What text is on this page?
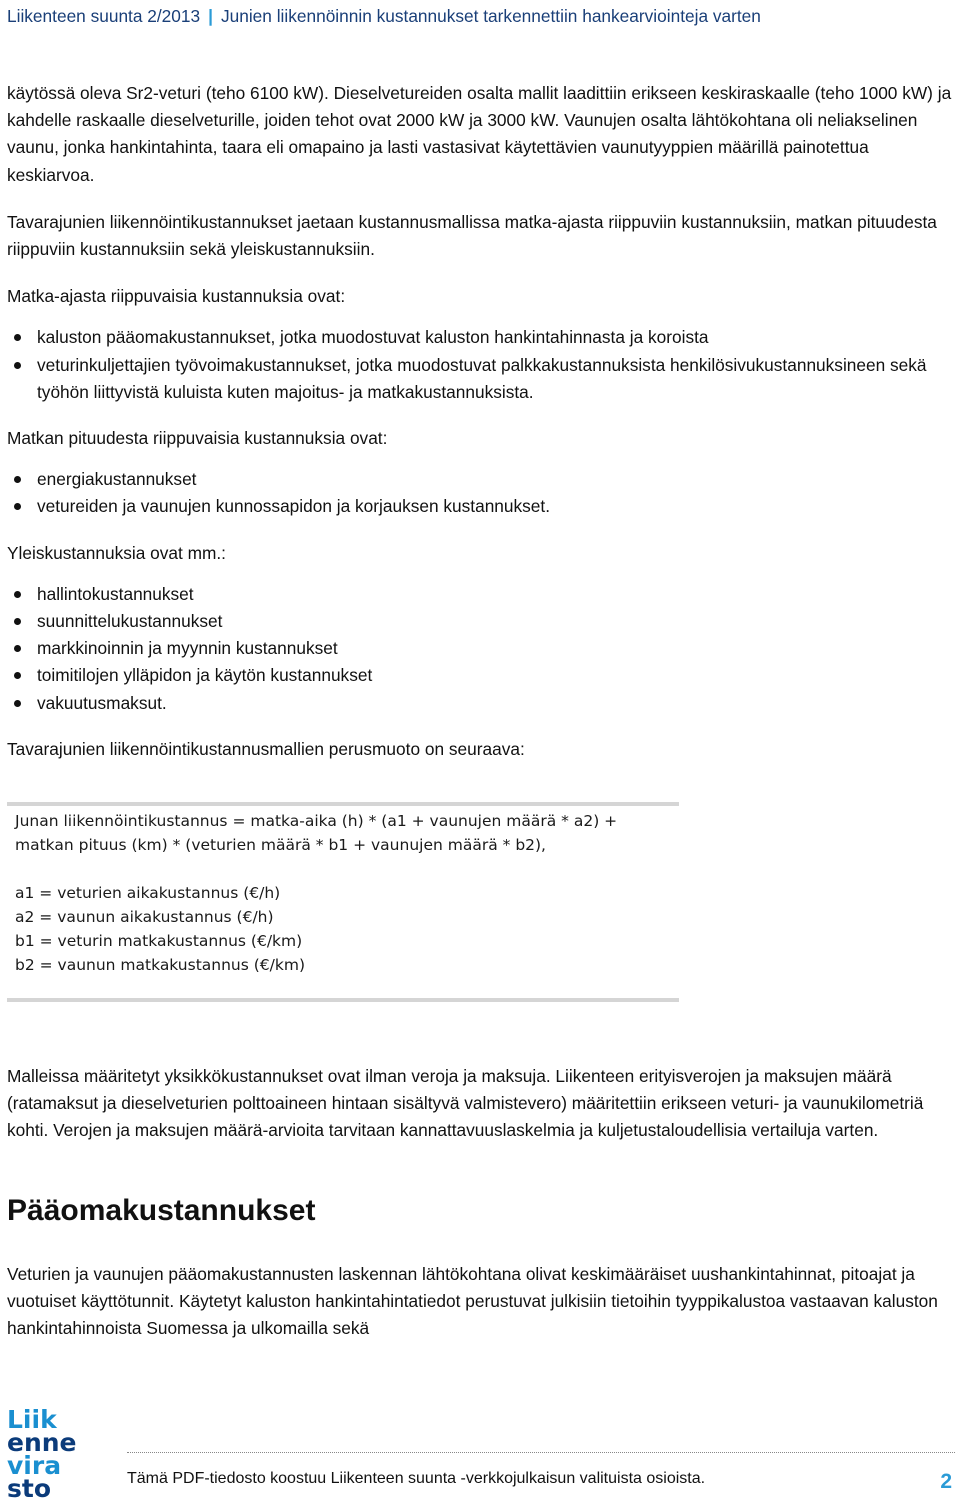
Liikenteen suunta 2/2013 | Junien liikennöinnin kustannukset tarkennettiin hankearviointeja varten

käytössä oleva Sr2-veturi (teho 6100 kW). Dieselvetureiden osalta mallit laadittiin erikseen keskiraskaalle (teho 1000 kW) ja kahdelle raskaalle dieselveturille, joiden tehot ovat 2000 kW ja 3000 kW. Vaunujen osalta lähtökohtana oli neliakselinen vaunu, jonka hankintahinta, taara eli omapaino ja lasti vastasivat käytettävien vaunutyyppien määrillä painotettua keskiarvoa.

Tavarajunien liikennöintikustannukset jaetaan kustannusmallissa matka-ajasta riippuviin kustannuksiin, matkan pituudesta riippuviin kustannuksiin sekä yleiskustannuksiin.

Matka-ajasta riippuvaisia kustannuksia ovat:

kaluston pääomakustannukset, jotka muodostuvat kaluston hankintahinnasta ja koroista
veturinkuljettajien työvoimakustannukset, jotka muodostuvat palkkakustannuksista henkilösivukustannuksineen sekä työhön liittyvistä kuluista kuten majoitus- ja matkakustannuksista.

Matkan pituudesta riippuvaisia kustannuksia ovat:

energiakustannukset
vetureiden ja vaunujen kunnossapidon ja korjauksen kustannukset.

Yleiskustannuksia ovat mm.:

hallintokustannukset
suunnittelukustannukset
markkinoinnin ja myynnin kustannukset
toimitilojen ylläpidon ja käytön kustannukset
vakuutusmaksut.

Tavarajunien liikennöintikustannusmallien perusmuoto on seuraava:

Junan liikennöintikustannus = matka-aika (h) * (a1 + vaunujen määrä * a2) +
matkan pituus (km) * (veturien määrä * b1 + vaunujen määrä * b2),
a1 = veturien aikakustannus (€/h)
a2 = vaunun aikakustannus (€/h)
b1 = veturin matkakustannus (€/km)
b2 = vaunun matkakustannus (€/km)

Malleissa määritetyt yksikkökustannukset ovat ilman veroja ja maksuja. Liikenteen erityisverojen ja maksujen määrä (ratamaksut ja dieselveturien polttoaineen hintaan sisältyvä valmistevero) määritettiin erikseen veturi- ja vaunukilometriä kohti. Verojen ja maksujen määrä-arvioita tarvitaan kannattavuuslaskelmia ja kuljetustaloudellisia vertailuja varten.

Pääomakustannukset

Veturien ja vaunujen pääomakustannusten laskennan lähtökohtana olivat keskimääräiset uushankintahinnat, pitoajat ja vuotuiset käyttötunnit. Käytetyt kaluston hankintahintatiedot perustuvat julkisiin tietoihin tyyppikalustoa vastaavan kaluston hankintahinnoista Suomessa ja ulkomailla sekä

Liik
enne
vira
sto	Tämä PDF-tiedosto koostuu Liikenteen suunta -verkkojulkaisun valituista osioista.	2
